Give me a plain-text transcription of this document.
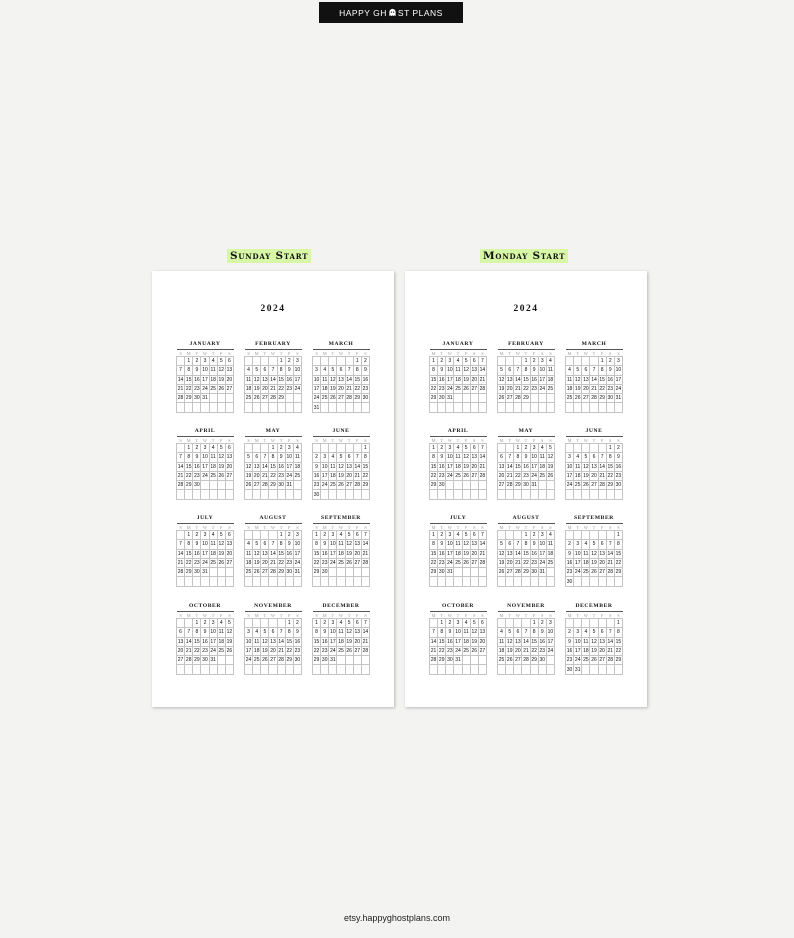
HAPPY GH ST PLANS
Sunday Start	Monday Start
2024
JANUARY
S	M	T	W	T	F	S
	1	2	3	4	5	6
7	8	9	10	11	12	13
14	15	16	17	18	19	20
21	22	23	24	25	26	27
28	29	30	31			

FEBRUARY
S	M	T	W	T	F	S
				1	2	3
4	5	6	7	8	9	10
11	12	13	14	15	16	17
18	19	20	21	22	23	24
25	26	27	28	29		

MARCH
S	M	T	W	T	F	S
					1	2
3	4	5	6	7	8	9
10	11	12	13	14	15	16
17	18	19	20	21	22	23
24	25	26	27	28	29	30
31						
APRIL
S	M	T	W	T	F	S
	1	2	3	4	5	6
7	8	9	10	11	12	13
14	15	16	17	18	19	20
21	22	23	24	25	26	27
28	29	30				

MAY
S	M	T	W	T	F	S
			1	2	3	4
5	6	7	8	9	10	11
12	13	14	15	16	17	18
19	20	21	22	23	24	25
26	27	28	29	30	31	

JUNE
S	M	T	W	T	F	S
						1
2	3	4	5	6	7	8
9	10	11	12	13	14	15
16	17	18	19	20	21	22
23	24	25	26	27	28	29
30						
JULY
S	M	T	W	T	F	S
	1	2	3	4	5	6
7	8	9	10	11	12	13
14	15	16	17	18	19	20
21	22	23	24	25	26	27
28	29	30	31			

AUGUST
S	M	T	W	T	F	S
				1	2	3
4	5	6	7	8	9	10
11	12	13	14	15	16	17
18	19	20	21	22	23	24
25	26	27	28	29	30	31

SEPTEMBER
S	M	T	W	T	F	S
1	2	3	4	5	6	7
8	9	10	11	12	13	14
15	16	17	18	19	20	21
22	23	24	25	26	27	28
29	30					

OCTOBER
S	M	T	W	T	F	S
		1	2	3	4	5
6	7	8	9	10	11	12
13	14	15	16	17	18	19
20	21	22	23	24	25	26
27	28	29	30	31		

NOVEMBER
S	M	T	W	T	F	S
					1	2
3	4	5	6	7	8	9
10	11	12	13	14	15	16
17	18	19	20	21	22	23
24	25	26	27	28	29	30

DECEMBER
S	M	T	W	T	F	S
1	2	3	4	5	6	7
8	9	10	11	12	13	14
15	16	17	18	19	20	21
22	23	24	25	26	27	28
29	30	31				

2024
JANUARY
M	T	W	T	F	S	S
1	2	3	4	5	6	7
8	9	10	11	12	13	14
15	16	17	18	19	20	21
22	23	24	25	26	27	28
29	30	31				

FEBRUARY
M	T	W	T	F	S	S
			1	2	3	4
5	6	7	8	9	10	11
12	13	14	15	16	17	18
19	20	21	22	23	24	25
26	27	28	29			

MARCH
M	T	W	T	F	S	S
				1	2	3
4	5	6	7	8	9	10
11	12	13	14	15	16	17
18	19	20	21	22	23	24
25	26	27	28	29	30	31

APRIL
M	T	W	T	F	S	S
1	2	3	4	5	6	7
8	9	10	11	12	13	14
15	16	17	18	19	20	21
22	23	24	25	26	27	28
29	30					

MAY
M	T	W	T	F	S	S
		1	2	3	4	5
6	7	8	9	10	11	12
13	14	15	16	17	18	19
20	21	22	23	24	25	26
27	28	29	30	31		

JUNE
M	T	W	T	F	S	S
					1	2
3	4	5	6	7	8	9
10	11	12	13	14	15	16
17	18	19	20	21	22	23
24	25	26	27	28	29	30

JULY
M	T	W	T	F	S	S
1	2	3	4	5	6	7
8	9	10	11	12	13	14
15	16	17	18	19	20	21
22	23	24	25	26	27	28
29	30	31				

AUGUST
M	T	W	T	F	S	S
			1	2	3	4
5	6	7	8	9	10	11
12	13	14	15	16	17	18
19	20	21	22	23	24	25
26	27	28	29	30	31	

SEPTEMBER
M	T	W	T	F	S	S
						1
2	3	4	5	6	7	8
9	10	11	12	13	14	15
16	17	18	19	20	21	22
23	24	25	26	27	28	29
30						
OCTOBER
M	T	W	T	F	S	S
	1	2	3	4	5	6
7	8	9	10	11	12	13
14	15	16	17	18	19	20
21	22	23	24	25	26	27
28	29	30	31			

NOVEMBER
M	T	W	T	F	S	S
				1	2	3
4	5	6	7	8	9	10
11	12	13	14	15	16	17
18	19	20	21	22	23	24
25	26	27	28	29	30	

DECEMBER
M	T	W	T	F	S	S
						1
2	3	4	5	6	7	8
9	10	11	12	13	14	15
16	17	18	19	20	21	22
23	24	25	26	27	28	29
30	31					
etsy.happyghostplans.com
